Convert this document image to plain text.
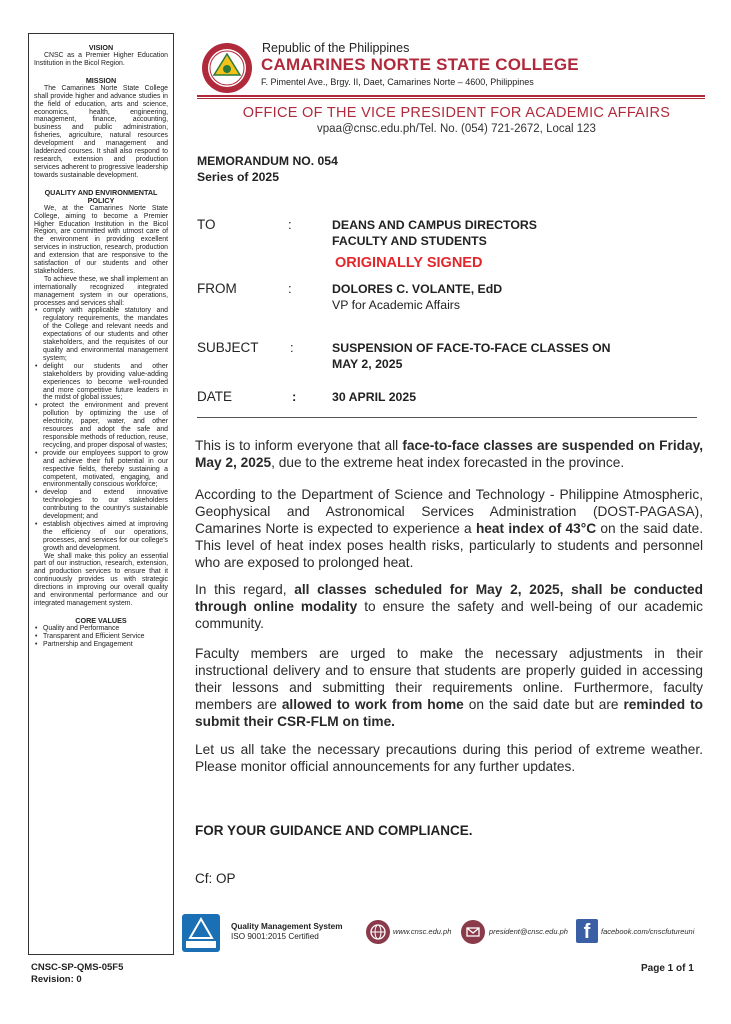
VISION

CNSC as a Premier Higher Education Institution in the Bicol Region.

MISSION

The Camarines Norte State College shall provide higher and advance studies in the field of education, arts and science, economics, health, engineering, management, finance, accounting, business and public administration, fisheries, agriculture, natural resources development and management and ladderized courses. It shall also respond to research, extension and production services adherent to progressive leadership towards sustainable development.

QUALITY AND ENVIRONMENTAL POLICY

We, at the Camarines Norte State College, aiming to become a Premier Higher Education Institution in the Bicol Region, are committed with utmost care of the environment in providing excellent services in instruction, research, production and extension that are responsive to the satisfaction of our students and other stakeholders.

To achieve these, we shall implement an internationally recognized integrated management system in our operations, processes and services shall:

• comply with applicable statutory and regulatory requirements, the mandates of the College and relevant needs and expectations of our students and other stakeholders, and the requisites of our quality and environmental management system;
• delight our students and other stakeholders by providing value-adding experiences to become well-rounded and more competitive future leaders in the midst of global issues;
• protect the environment and prevent pollution by optimizing the use of electricity, paper, water, and other resources and adopt the safe and responsible methods of reduction, reuse, recycling, and proper disposal of wastes;
• provide our employees support to grow and achieve their full potential in our respective fields, thereby sustaining a competent, motivated, engaging, and environmentally conscious workforce;
• develop and extend innovative technologies to our stakeholders contributing to the country's sustainable development; and
• establish objectives aimed at improving the efficiency of our operations, processes, and services for our college's growth and development.

We shall make this policy an essential part of our instruction, research, extension, and production services to ensure that it continuously provides us with strategic directions in improving our overall quality and environmental performance and our integrated management system.

CORE VALUES
• Quality and Performance
• Transparent and Efficient Service
• Partnership and Engagement
Republic of the Philippines
CAMARINES NORTE STATE COLLEGE
F. Pimentel Ave., Brgy. II, Daet, Camarines Norte – 4600, Philippines
OFFICE OF THE VICE PRESIDENT FOR ACADEMIC AFFAIRS
vpaa@cnsc.edu.ph/Tel. No. (054) 721-2672, Local 123
MEMORANDUM NO. 054
Series of 2025
TO	:	DEANS AND CAMPUS DIRECTORS
FACULTY AND STUDENTS
ORIGINALLY SIGNED
FROM	:	DOLORES C. VOLANTE, EdD
VP for Academic Affairs
SUBJECT :	SUSPENSION OF FACE-TO-FACE CLASSES ON
MAY 2, 2025
DATE	:	30 APRIL 2025
This is to inform everyone that all face-to-face classes are suspended on Friday, May 2, 2025, due to the extreme heat index forecasted in the province.
According to the Department of Science and Technology - Philippine Atmospheric, Geophysical and Astronomical Services Administration (DOST-PAGASA), Camarines Norte is expected to experience a heat index of 43°C on the said date. This level of heat index poses health risks, particularly to students and personnel who are exposed to prolonged heat.
In this regard, all classes scheduled for May 2, 2025, shall be conducted through online modality to ensure the safety and well-being of our academic community.
Faculty members are urged to make the necessary adjustments in their instructional delivery and to ensure that students are properly guided in accessing their lessons and submitting their requirements online. Furthermore, faculty members are allowed to work from home on the said date but are reminded to submit their CSR-FLM on time.
Let us all take the necessary precautions during this period of extreme weather. Please monitor official announcements for any further updates.
FOR YOUR GUIDANCE AND COMPLIANCE.
Cf: OP
Quality Management System
ISO 9001:2015 Certified	www.cnsc.edu.ph	president@cnsc.edu.ph f	facebook.com/cnscfutureuni
CNSC-SP-QMS-05F5
Revision: 0
Page 1 of 1
